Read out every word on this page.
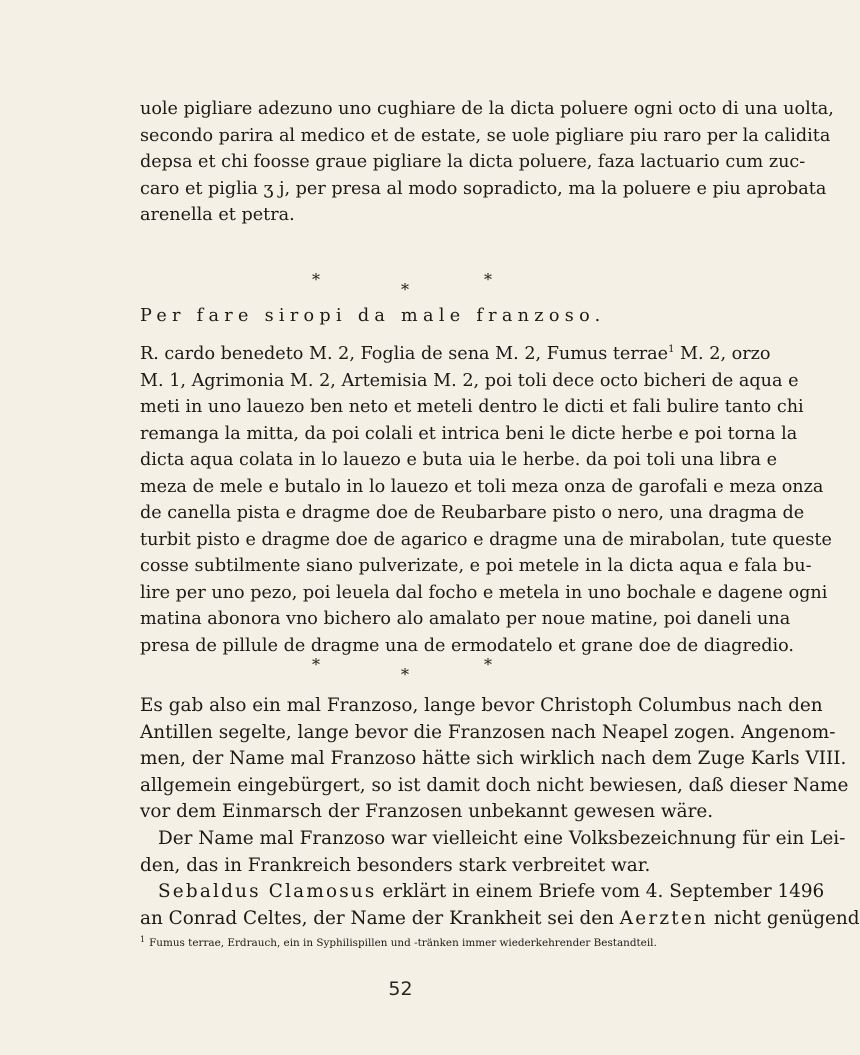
uole pigliare adezuno uno cughiare de la dicta poluere ogni octo di una uolta,
secondo parira al medico et de estate, se uole pigliare piu raro per la calidita
depsa et chi foosse graue pigliare la dicta poluere, faza lactuario cum zuc-
caro et piglia ʒ j, per presa al modo sopradicto, ma la poluere e piu aprobata
arenella et petra.
*
*
*
Per fare siropi da male franzoso.
R. cardo benedeto M. 2, Foglia de sena M. 2, Fumus terrae$^1$ M. 2, orzo
M. 1, Agrimonia M. 2, Artemisia M. 2, poi toli dece octo bicheri de aqua e
meti in uno lauezo ben neto et meteli dentro le dicti et fali bulire tanto chi
remanga la mitta, da poi colali et intrica beni le dicte herbe e poi torna la
dicta aqua colata in lo lauezo e buta uia le herbe. da poi toli una libra e
meza de mele e butalo in lo lauezo et toli meza onza de garofali e meza onza
de canella pista e dragme doe de Reubarbare pisto o nero, una dragma de
turbit pisto e dragme doe de agarico e dragme una de mirabolan, tute queste
cosse subtilmente siano pulverizate, e poi metele in la dicta aqua e fala bu-
lire per uno pezo, poi leuela dal focho e metela in uno bochale e dagene ogni
matina abonora vno bichero alo amalato per noue matine, poi daneli una
presa de pillule de dragme una de ermodatelo et grane doe de diagredio.
*
*
*
Es gab also ein mal Franzoso, lange bevor Christoph Columbus nach den
Antillen segelte, lange bevor die Franzosen nach Neapel zogen. Angenom-
men, der Name mal Franzoso hätte sich wirklich nach dem Zuge Karls VIII.
allgemein eingebürgert, so ist damit doch nicht bewiesen, daß dieser Name
vor dem Einmarsch der Franzosen unbekannt gewesen wäre.
Der Name mal Franzoso war vielleicht eine Volksbezeichnung für ein Lei-
den, das in Frankreich besonders stark verbreitet war.
Sebaldus Clamosus erklärt in einem Briefe vom 4. September 1496
an Conrad Celtes, der Name der Krankheit sei den Aerzten nicht genügend
$^1$ Fumus terrae, Erdrauch, ein in Syphilispillen und -tränken immer wiederkehrender Bestandteil.
52
